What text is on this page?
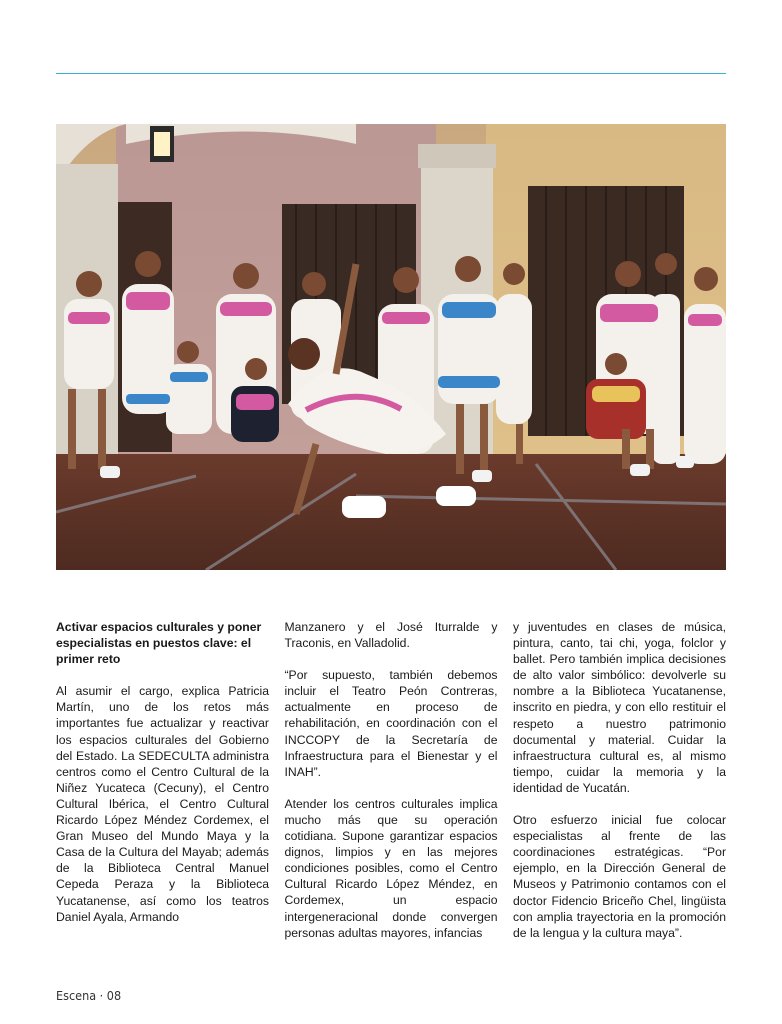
Activar espacios culturales y poner especialistas en puestos clave: el primer reto

Al asumir el cargo, explica Patricia Martín, uno de los retos más importantes fue actualizar y reactivar los espacios culturales del Gobierno del Estado. La SEDECULTA administra centros como el Centro Cultural de la Niñez Yucateca (Cecuny), el Centro Cultural Ibérica, el Centro Cultural Ricardo López Méndez Cordemex, el Gran Museo del Mundo Maya y la Casa de la Cultura del Mayab; además de la Biblioteca Central Manuel Cepeda Peraza y la Biblioteca Yucatanense, así como los teatros Daniel Ayala, Armando

Manzanero y el José Iturralde y Traconis, en Valladolid.

“Por supuesto, también debemos incluir el Teatro Peón Contreras, actualmente en proceso de rehabilitación, en coordinación con el INCCOPY de la Secretaría de Infraestructura para el Bienestar y el INAH”.

Atender los centros culturales implica mucho más que su operación cotidiana. Supone garantizar espacios dignos, limpios y en las mejores condiciones posibles, como el Centro Cultural Ricardo López Méndez, en Cordemex, un espacio intergeneracional donde convergen personas adultas mayores, infancias

y juventudes en clases de música, pintura, canto, tai chi, yoga, folclor y ballet. Pero también implica decisiones de alto valor simbólico: devolverle su nombre a la Biblioteca Yucatanense, inscrito en piedra, y con ello restituir el respeto a nuestro patrimonio documental y material. Cuidar la infraestructura cultural es, al mismo tiempo, cuidar la memoria y la identidad de Yucatán.

Otro esfuerzo inicial fue colocar especialistas al frente de las coordinaciones estratégicas. “Por ejemplo, en la Dirección General de Museos y Patrimonio contamos con el doctor Fidencio Briceño Chel, lingüista con amplia trayectoria en la promoción de la lengua y la cultura maya”.

Escena · 08
